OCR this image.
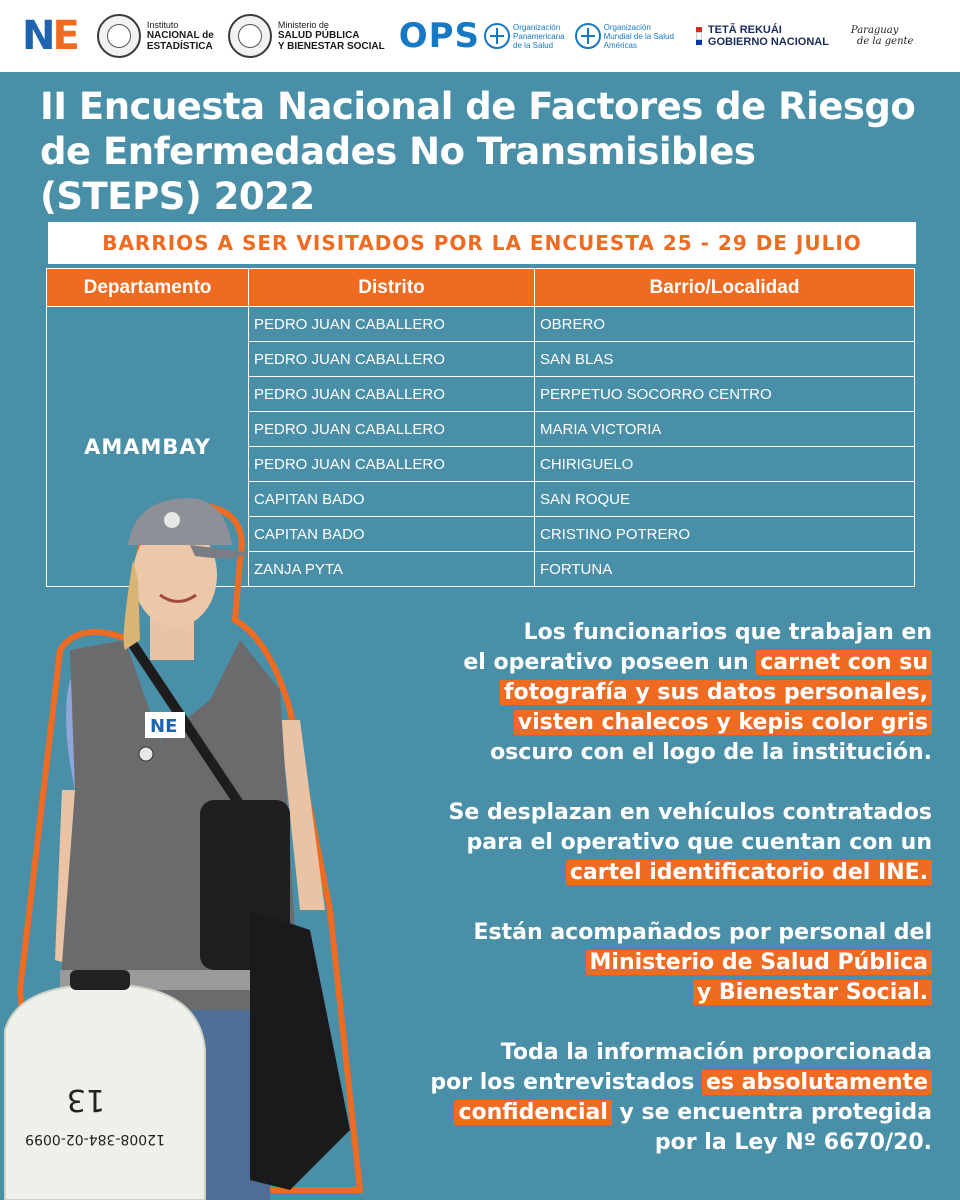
N E	Instituto
NACIONAL de
ESTADÍSTICA
Ministerio de
SALUD PÚBLICA
Y BIENESTAR SOCIAL OPS	Organización
Panamericana
de la Salud
Organización
Mundial de la Salud
Américas
TETÃ REKUÁI
GOBIERNO NACIONAL
Paraguay
de la gente
II Encuesta Nacional de Factores de Riesgo
de Enfermedades No Transmisibles
(STEPS) 2022
BARRIOS A SER VISITADOS POR LA ENCUESTA 25 - 29 DE JULIO
Departamento	Distrito	Barrio/Localidad
AMAMBAY	PEDRO JUAN CABALLERO	OBRERO
	PEDRO JUAN CABALLERO	SAN BLAS
	PEDRO JUAN CABALLERO	PERPETUO SOCORRO CENTRO
	PEDRO JUAN CABALLERO	MARIA VICTORIA
	PEDRO JUAN CABALLERO	CHIRIGUELO
	CAPITAN BADO	SAN ROQUE
	CAPITAN BADO	CRISTINO POTRERO
	ZANJA PYTA	FORTUNA
NE
13
12008-384-02-0099
Los funcionarios que trabajan en
el operativo poseen un carnet con su
fotografía y sus datos personales,
visten chalecos y kepis color gris
oscuro con el logo de la institución.
Se desplazan en vehículos contratados
para el operativo que cuentan con un
cartel identificatorio del INE.
Están acompañados por personal del
Ministerio de Salud Pública
y Bienestar Social.
Toda la información proporcionada
por los entrevistados es absolutamente
confidencial y se encuentra protegida
por la Ley Nº 6670/20.
